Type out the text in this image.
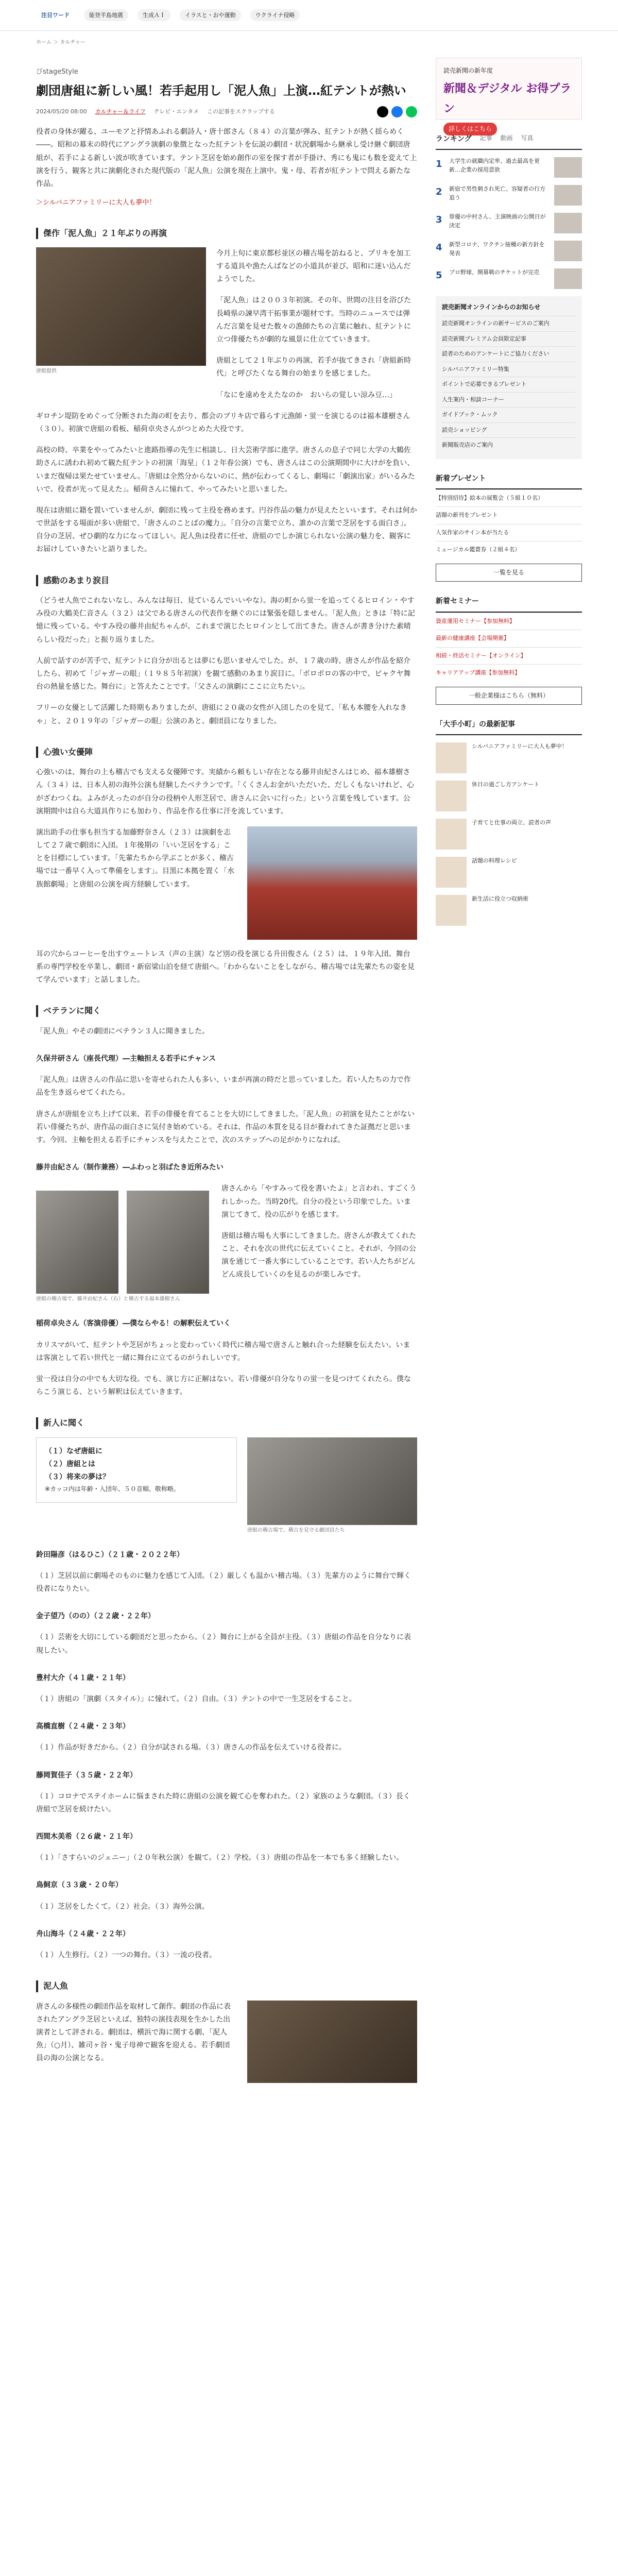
注目ワード	能登半島地震	生成ＡＩ	イラスと・おや運動	ウクライナ侵略
ホーム ＞ カルチャー
びstageStyle
劇団唐組に新しい風！若手起用し「泥人魚」上演…紅テントが熱い
2024/05/20 08:00 カルチャー＆ライフ テレビ・エンタメ この記事をスクラップする

役者の身体が躍る、ユーモアと抒情あふれる劇詩人・唐十郎さん（８４）の言葉が弾み、紅テントが熱く揺らめく――。昭和の幕末の時代にアングラ演劇の象徴となった紅テントを伝説の劇団・状況劇場から継承し受け継ぐ劇団唐組が、若手による新しい波が吹きています。テント芝居を始め創作の室を探す者が手掛け、秀にも鬼にも数を変えて上演を行う、観客と共に演劇化された現代版の「泥人魚」公演を現在上演中。鬼・母、若者が紅テントで問える新たな作品。

＞シルバニアファミリーに大人も夢中！
傑作「泥人魚」２１年ぶりの再演
唐組提供

今月上旬に東京都杉並区の稽古場を訪ねると、プリキを加工する道具や漁たんぱなどの小道具が並び、昭和に迷い込んだようでした。

「泥人魚」は２００３年初演。その年、世間の注目を浴びた長崎県の諫早湾干拓事業が題材です。当時のニュースでは弾んだ言葉を見せた数々の漁師たちの言葉に触れ、紅テントに立つ俳優たちが劇的な風景に仕立てていきます。

唐組として２１年ぶりの再演、若手が抜てきされ「唐組新時代」と呼びたくなる舞台の始まりを感じました。

「なにを遠めをえたなのか　おいらの覚しい涼み豆…」

ギロチン堤防をめぐって分断された海の町を去り、都会のブリキ店で暮らす元漁師・蛍一を演じるのは福本雄樹さん（３０）。初演で唐組の看板、稲荷卓央さんがつとめた大役です。

高校の時、卒業をやってみたいと進路指導の先生に相談し、日大芸術学部に進学。唐さんの息子で同じ大学の大鶴佐助さんに誘われ初めて観た紅テントの初演「海星」（１２年春公演）でも、唐さんはこの公演期間中に大けがを負い、いまだ復帰は果たせていません。「唐組は全然分からないのに、熱が伝わってくるし、劇場に「劇演出家」がいるみたいで、役者が光って見えた」。稲荷さんに憧れて、やってみたいと思いました。

現在は唐組に籍を置いていませんが、劇団に残って主役を務めます。円谷作品の魅力が見えたといいます。それは何かで世話をする場面が多い唐組で、「唐さんのことばの魔力」。「自分の言葉で立ち、誰かの言葉で芝居をする面白さ」。自分の芝居、ぜひ劇的な力になってほしい。泥人魚は役者に任せ、唐組のでしか演じられない公演の魅力を、観客にお届けしていきたいと語りました。

感動のあまり涙目

（どうせ人魚でこれないなし、みんなは毎日、見ているんでいいやな）。海の町から蛍一を追ってくるヒロイン・やすみ役の大鶴美仁音さん（３２）は父である唐さんの代表作を継ぐのには緊張を隠しません。「泥人魚」ときは「特に記憶に残っている。やすみ役の藤井由紀ちゃんが、これまで演じたヒロインとして出てきた。唐さんが書き分けた素晴らしい役だった」と振り返りました。

人前で話すのが苦手で、紅テントに自分が出るとは夢にも思いませんでした。が、１７歳の時、唐さんが作品を紹介したら、初めて「ジャガーの眼」（１９８５年初演）を観て感動のあまり涙目に。「ボロボロの客の中で、ビャクヤ舞台の熱量を感じた。舞台に」と答えたことです。「父さんの演劇にここに立ちたい」。

フリーの女優として活躍した時期もありましたが、唐組に２０歳の女性が入団したのを見て、「私も本腰を入れなきゃ」と、２０１９年の「ジャガーの眼」公演のあと、劇団員になりました。

心強い女優陣

心強いのは、舞台の上も稽古でも支える女優陣です。実績から頼もしい存在となる藤井由紀さんはじめ、福本雄樹さん（３４）は、日本人初の海外公演も経験したベテランです。「くくさんお金がいただいた、だしくもないけれど、心がざわつくね。よみがえったのが自分の役柄や人形芝居で、唐さんに会いに行った」という言葉を残しています。公演期間中は自ら大道具作りにも加わり、作品を作る仕事に汗を流しています。

演出助手の仕事も担当する加藤野奈さん（２３）は演劇を志して２７歳で劇団に入団。１年後期の「いい芝居をする」ことを目標にしています。「先輩たちから学ぶことが多く、稽古場では一番早く入って準備をします」。目黒に本拠を置く「水族館劇場」と唐組の公演を両方経験しています。

耳の穴からコーヒーを出すウェートレス（声の主演）など別の役を演じる升田俊さん（２５）は、１９年入団。舞台系の専門学校を卒業し、劇団・新宿梁山泊を経て唐組へ。「わからないことをしながら、稽古場では先輩たちの姿を見て学んでいます」と話しました。

ベテランに聞く

「泥人魚」やその劇団にベテラン３人に聞きました。

久保井研さん（座長代理）―主軸担える若手にチャンス

「泥人魚」は唐さんの作品に思いを寄せられた人も多い、いまが再演の時だと思っていました。若い人たちの力で作品を生き返らせてくれたら。

唐さんが唐組を立ち上げて以来、若手の俳優を育てることを大切にしてきました。「泥人魚」の初演を見たことがない若い俳優たちが、唐作品の面白さに気付き始めている。それは、作品の本質を見る目が養われてきた証拠だと思います。今回、主軸を担える若手にチャンスを与えたことで、次のステップへの足がかりになれば。

藤井由紀さん（制作兼務）―ふわっと羽ばたき近所みたい
唐組の稽古場で、藤井由紀さん（右）と稽古する福本雄樹さん

唐さんから「やすみって役を書いたよ」と言われ、すごくうれしかった。当時20代。自分の役という印象でした。いま演じてきて、役の広がりを感じます。

唐組は稽古場も大事にしてきました。唐さんが教えてくれたこと、それを次の世代に伝えていくこと。それが、今回の公演を通じて一番大事にしていることです。若い人たちがどんどん成長していくのを見るのが楽しみです。

稲荷卓央さん（客演俳優）―僕ならやる！の解釈伝えていく

カリスマがいて、紅テントや芝居がちょっと変わっていく時代に稽古場で唐さんと触れ合った経験を伝えたい。いまは客演として若い世代と一緒に舞台に立てるのがうれしいです。

蛍一役は自分の中でも大切な役。でも、演じ方に正解はない。若い俳優が自分なりの蛍一を見つけてくれたら。僕ならこう演じる、という解釈は伝えていきます。

新人に聞く
（１）なぜ唐組に
（２）唐組とは
（３）将来の夢は？
※カッコ内は年齢・入団年、５０音順、敬称略。
唐組の稽古場で、稽古を見守る劇団員たち
鈴田陽彦（はるひこ）（２１歳・２０２２年）

（１）芝居以前に劇場そのものに魅力を感じて入団。（２）厳しくも温かい稽古場。（３）先輩方のように舞台で輝く役者になりたい。

金子望乃（のの）（２２歳・２２年）

（１）芸術を大切にしている劇団だと思ったから。（２）舞台に上がる全員が主役。（３）唐組の作品を自分なりに表現したい。

豊村大介（４１歳・２１年）

（１）唐組の「演劇（スタイル）」に憧れて。（２）自由。（３）テントの中で一生芝居をすること。

高橋直樹（２４歳・２３年）

（１）作品が好きだから。（２）自分が試される場。（３）唐さんの作品を伝えていける役者に。

藤岡賀佳子（３５歳・２２年）

（１）コロナでステイホームに悩まされた時に唐組の公演を観て心を奪われた。（２）家族のような劇団。（３）長く唐組で芝居を続けたい。

西間木美希（２６歳・２１年）

（１）「さすらいのジェニー」（２０年秋公演）を観て。（２）学校。（３）唐組の作品を一本でも多く経験したい。

鳥飼京（３３歳・２０年）

（１）芝居をしたくて。（２）社会。（３）海外公演。

舟山海斗（２４歳・２２年）

（１）人生修行。（２）一つの舞台。（３）一流の役者。

泥人魚

唐さんの多様性の劇団作品を取材して創作。劇団の作品に表されたアングラ芝居といえば、独特の演技表現を生かした出演者として評される。劇団は、横浜で海に関する劇、「泥人魚」（○月）、雑司ヶ谷・鬼子母神で観客を迎える。若手劇団員の海の公演となる。

読売新聞の新年度
新聞＆デジタル お得プラン
詳しくはこちら
ランキング 記事 動画 写真
1	大学生の就職内定率、過去最高を更新…企業の採用意欲
2	新宿で男性刺され死亡、容疑者の行方追う
3	俳優の中村さん、主演映画の公開日が決定
4	新型コロナ、ワクチン接種の新方針を発表
5	プロ野球、開幕戦のチケットが完売
読売新聞オンラインからのお知らせ
読売新聞オンラインの新サービスのご案内
読売新聞プレミアム会員限定記事
読者のためのアンケートにご協力ください
シルバニアファミリー特集
ポイントで応募できるプレゼント
人生案内・相談コーナー
ガイドブック・ムック
読売ショッピング
新聞販売店のご案内
新着プレゼント
【特別招待】絵本の展覧会（５組１０名）
話題の新刊をプレゼント
人気作家のサイン本が当たる
ミュージカル鑑賞券（２組４名）
一覧を見る
新着セミナー
資産運用セミナー【参加無料】
最新の健康講座【会場開催】
相続・終活セミナー【オンライン】
キャリアアップ講座【参加無料】
一般企業様はこちら（無料）
「大手小町」の最新記事
シルバニアファミリーに大人も夢中！
休日の過ごし方アンケート
子育てと仕事の両立、読者の声
話題の料理レシピ
新生活に役立つ収納術
